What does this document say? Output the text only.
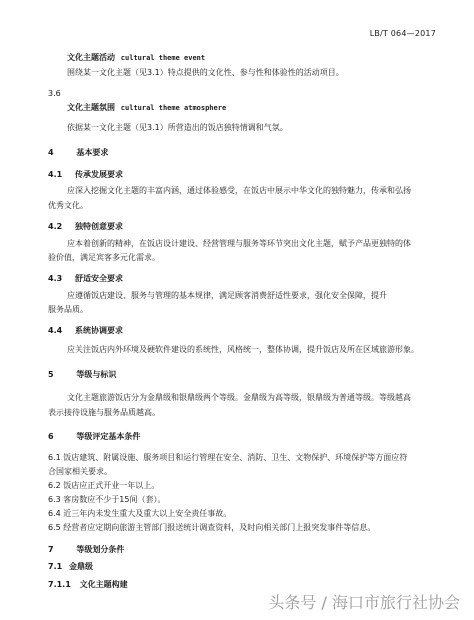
LB/T 064—2017
文化主题活动 cultural theme event
围绕某一文化主题（见3.1）特点提供的文化性、参与性和体验性的活动项目。
3.6
文化主题氛围 cultural theme atmosphere
依据某一文化主题（见3.1）所营造出的饭店独特情调和气氛。
4	基本要求
4.1 传承发展要求
应深入挖掘文化主题的丰富内涵，通过体验感受，在饭店中展示中华文化的独特魅力，传承和弘扬
优秀文化。
4.2 独特创意要求
应本着创新的精神，在饭店设计建设、经营管理与服务等环节突出文化主题，赋予产品更独特的体
验价值，满足宾客多元化需求。
4.3 舒适安全要求
应遵循饭店建设、服务与管理的基本规律，满足顾客消费舒适性要求，强化安全保障，提升
服务品质。
4.4 系统协调要求
应关注饭店内外环境及硬软件建设的系统性，风格统一，整体协调，提升饭店及所在区域旅游形象。
5	等级与标识
文化主题旅游饭店分为金鼎级和银鼎级两个等级。金鼎级为高等级，银鼎级为普通等级。等级越高
表示接待设施与服务品质越高。
6	等级评定基本条件
6.1 饭店建筑、附属设施、服务项目和运行管理在安全、消防、卫生、文物保护、环境保护等方面应符
合国家相关要求。
6.2 饭店应正式开业一年以上。
6.3 客房数应不少于15间（套）。
6.4 近三年内未发生重大及重大以上安全责任事故。
6.5 经营者应定期向旅游主管部门报送统计调查资料，及时向相关部门上报突发事件等信息。
7	等级划分条件
7.1 金鼎级
7.1.1 文化主题构建
头条号 / 海口市旅行社协会
